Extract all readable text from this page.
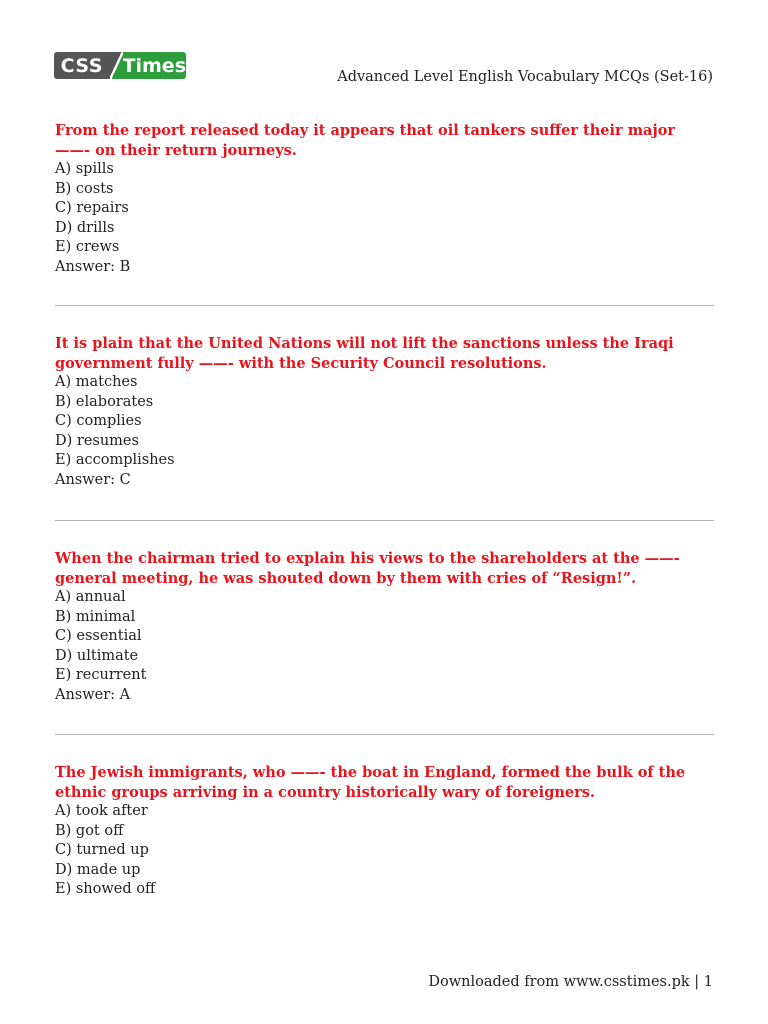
CSS	Times
Advanced Level English Vocabulary MCQs (Set-16)

From the report released today it appears that oil tankers suffer their major ——- on their return journeys.

A) spills

B) costs

C) repairs

D) drills

E) crews

Answer: B

It is plain that the United Nations will not lift the sanctions unless the Iraqi government fully ——- with the Security Council resolutions.

A) matches

B) elaborates

C) complies

D) resumes

E) accomplishes

Answer: C

When the chairman tried to explain his views to the shareholders at the ——- general meeting, he was shouted down by them with cries of “Resign!”.

A) annual

B) minimal

C) essential

D) ultimate

E) recurrent

Answer: A

The Jewish immigrants, who ——- the boat in England, formed the bulk of the ethnic groups arriving in a country historically wary of foreigners.

A) took after

B) got off

C) turned up

D) made up

E) showed off

Downloaded from www.csstimes.pk | 1
